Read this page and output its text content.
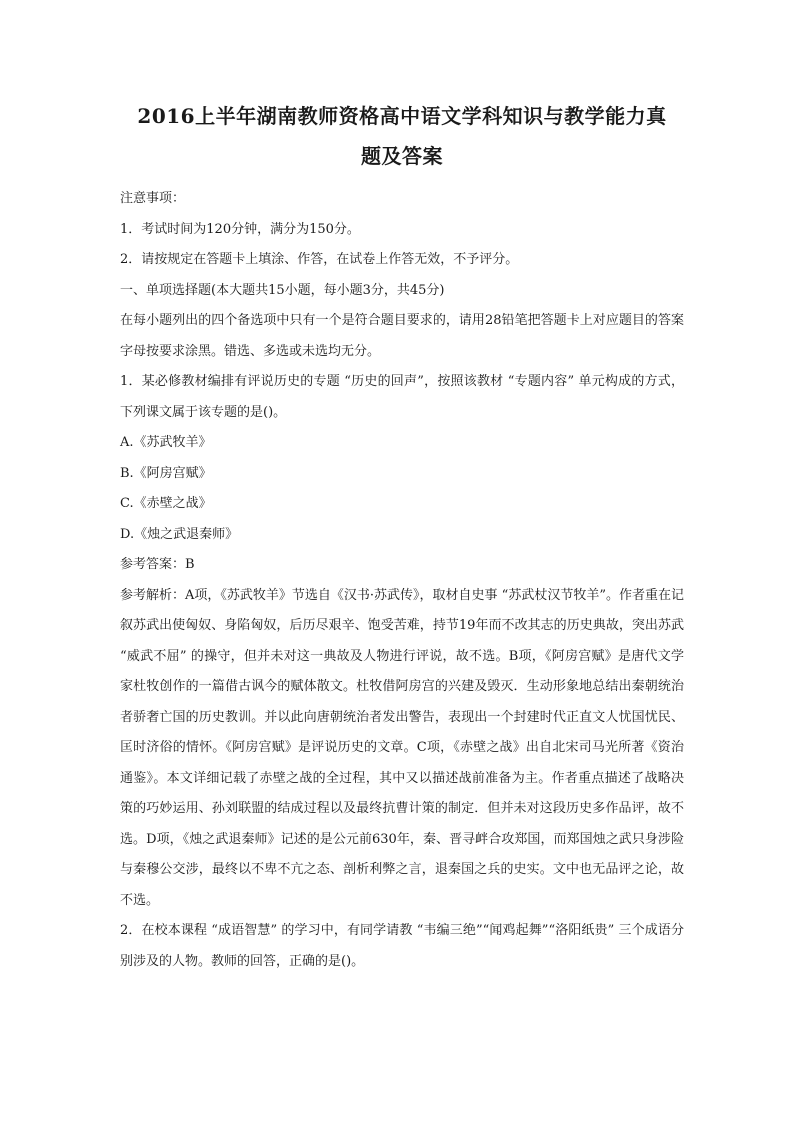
2016上半年湖南教师资格高中语文学科知识与教学能力真
题及答案

注意事项：

1．考试时间为120分钟，满分为150分。

2．请按规定在答题卡上填涂、作答，在试卷上作答无效，不予评分。

一、单项选择题(本大题共15小题，每小题3分，共45分)

在每小题列出的四个备选项中只有一个是符合题目要求的，请用28铅笔把答题卡上对应题目的答案字母按要求涂黑。错选、多选或未选均无分。

1．某必修教材编排有评说历史的专题 “历史的回声”，按照该教材 “专题内容” 单元构成的方式，下列课文属于该专题的是()。

A.《苏武牧羊》

B.《阿房宫赋》

C.《赤壁之战》

D.《烛之武退秦师》

参考答案：B

参考解析：A项，《苏武牧羊》节选自《汉书·苏武传》，取材自史事 “苏武杖汉节牧羊”。作者重在记叙苏武出使匈奴、身陷匈奴，后历尽艰辛、饱受苦难，持节19年而不改其志的历史典故，突出苏武 “威武不屈” 的操守，但并未对这一典故及人物进行评说，故不选。B项，《阿房宫赋》是唐代文学家杜牧创作的一篇借古讽今的赋体散文。杜牧借阿房宫的兴建及毁灭．生动形象地总结出秦朝统治者骄奢亡国的历史教训。并以此向唐朝统治者发出警告，表现出一个封建时代正直文人忧国忧民、匡时济俗的情怀。《阿房宫赋》是评说历史的文章。C项，《赤壁之战》出自北宋司马光所著《资治通鉴》。本文详细记载了赤壁之战的全过程，其中又以描述战前准备为主。作者重点描述了战略决策的巧妙运用、孙刘联盟的结成过程以及最终抗曹计策的制定．但并未对这段历史多作品评，故不选。D项，《烛之武退秦师》记述的是公元前630年，秦、晋寻衅合攻郑国，而郑国烛之武只身涉险与秦穆公交涉，最终以不卑不亢之态、剖析利弊之言，退秦国之兵的史实。文中也无品评之论，故不选。

2．在校本课程 “成语智慧” 的学习中，有同学请教 “韦编三绝”“闻鸡起舞”“洛阳纸贵” 三个成语分别涉及的人物。教师的回答，正确的是()。
